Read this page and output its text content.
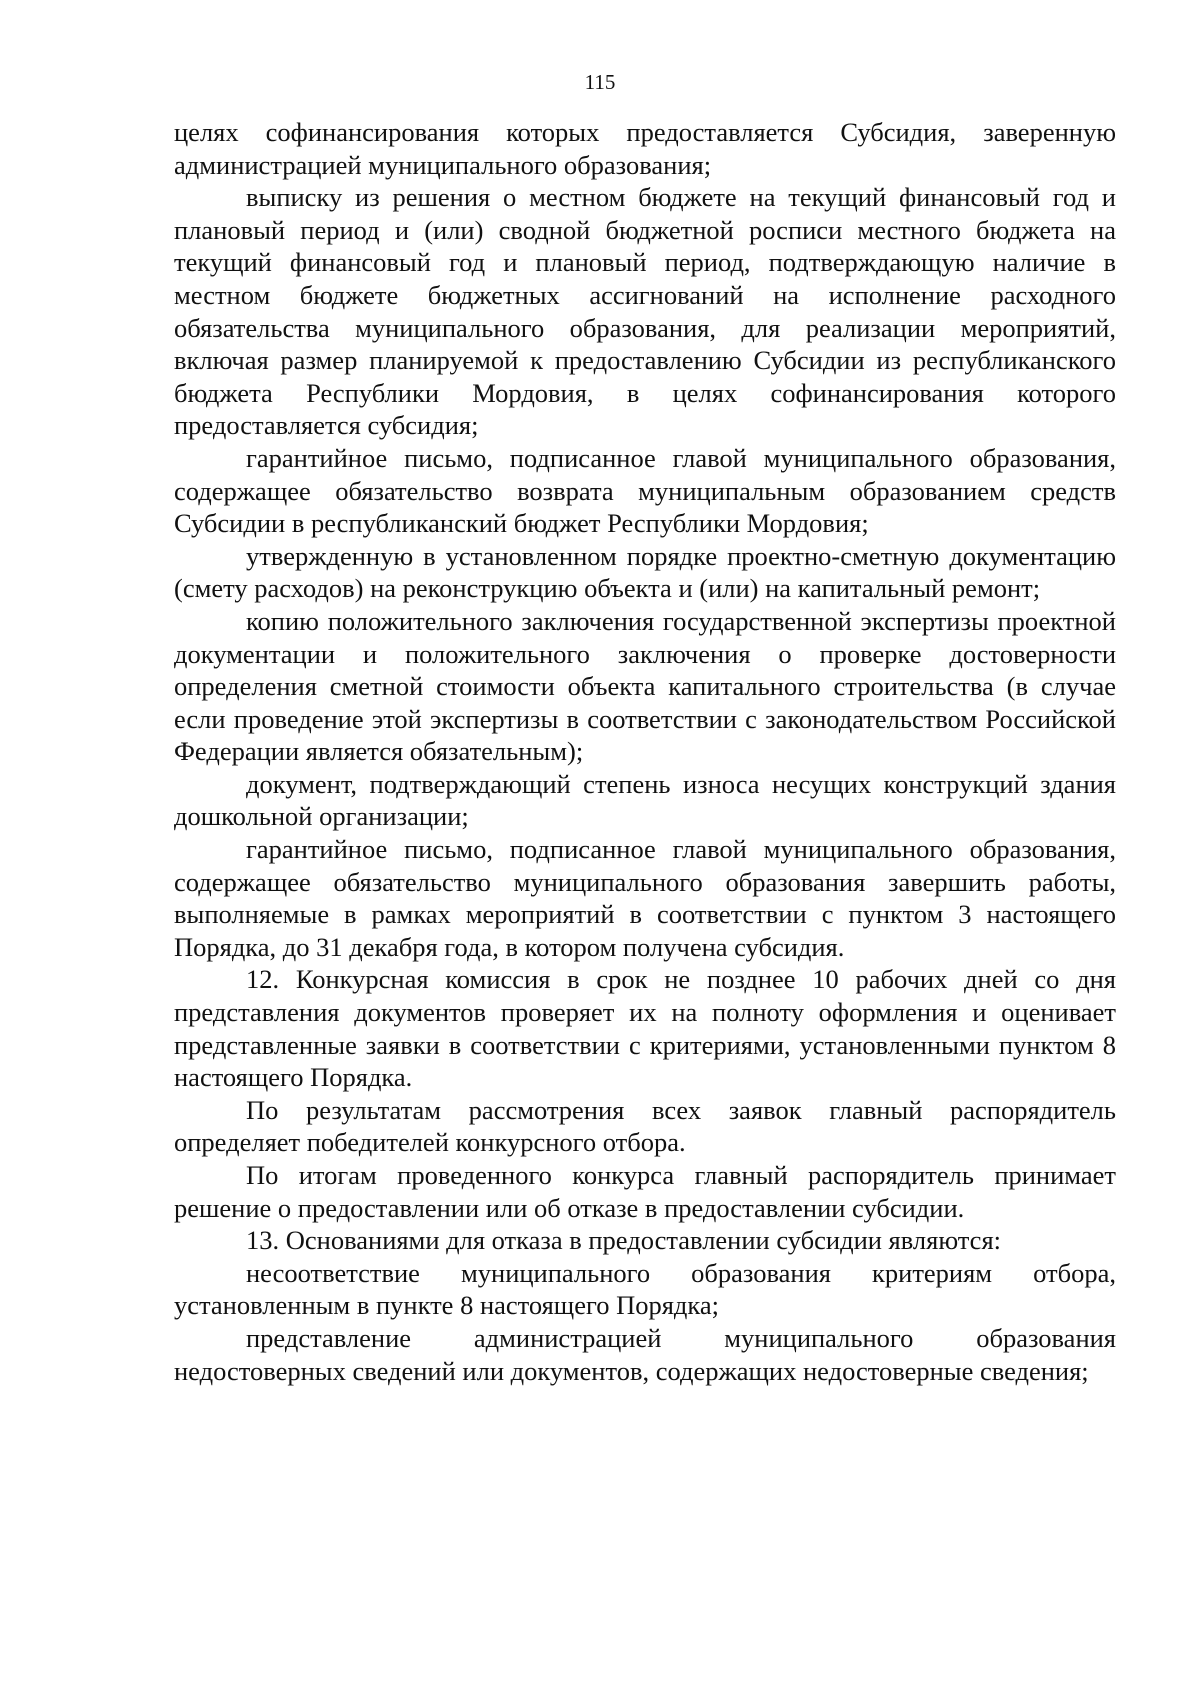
115

целях софинансирования которых предоставляется Субсидия, заверенную администрацией муниципального образования;

выписку из решения о местном бюджете на текущий финансовый год и плановый период и (или) сводной бюджетной росписи местного бюджета на текущий финансовый год и плановый период, подтверждающую наличие в местном бюджете бюджетных ассигнований на исполнение расходного обязательства муниципального образования, для реализации мероприятий, включая размер планируемой к предоставлению Субсидии из республиканского бюджета Республики Мордовия, в целях софинансирования которого предоставляется субсидия;

гарантийное письмо, подписанное главой муниципального образования, содержащее обязательство возврата муниципальным образованием средств Субсидии в республиканский бюджет Республики Мордовия;

утвержденную в установленном порядке проектно-сметную документацию (смету расходов) на реконструкцию объекта и (или) на капитальный ремонт;

копию положительного заключения государственной экспертизы проектной документации и положительного заключения о проверке достоверности определения сметной стоимости объекта капитального строительства (в случае если проведение этой экспертизы в соответствии с законодательством Российской Федерации является обязательным);

документ, подтверждающий степень износа несущих конструкций здания дошкольной организации;

гарантийное письмо, подписанное главой муниципального образования, содержащее обязательство муниципального образования завершить работы, выполняемые в рамках мероприятий в соответствии с пунктом 3 настоящего Порядка, до 31 декабря года, в котором получена субсидия.

12. Конкурсная комиссия в срок не позднее 10 рабочих дней со дня представления документов проверяет их на полноту оформления и оценивает представленные заявки в соответствии с критериями, установленными пунктом 8 настоящего Порядка.

По результатам рассмотрения всех заявок главный распорядитель определяет победителей конкурсного отбора.

По итогам проведенного конкурса главный распорядитель принимает решение о предоставлении или об отказе в предоставлении субсидии.

13. Основаниями для отказа в предоставлении субсидии являются:

несоответствие муниципального образования критериям отбора, установленным в пункте 8 настоящего Порядка;

представление администрацией муниципального образования недостоверных сведений или документов, содержащих недостоверные сведения;
